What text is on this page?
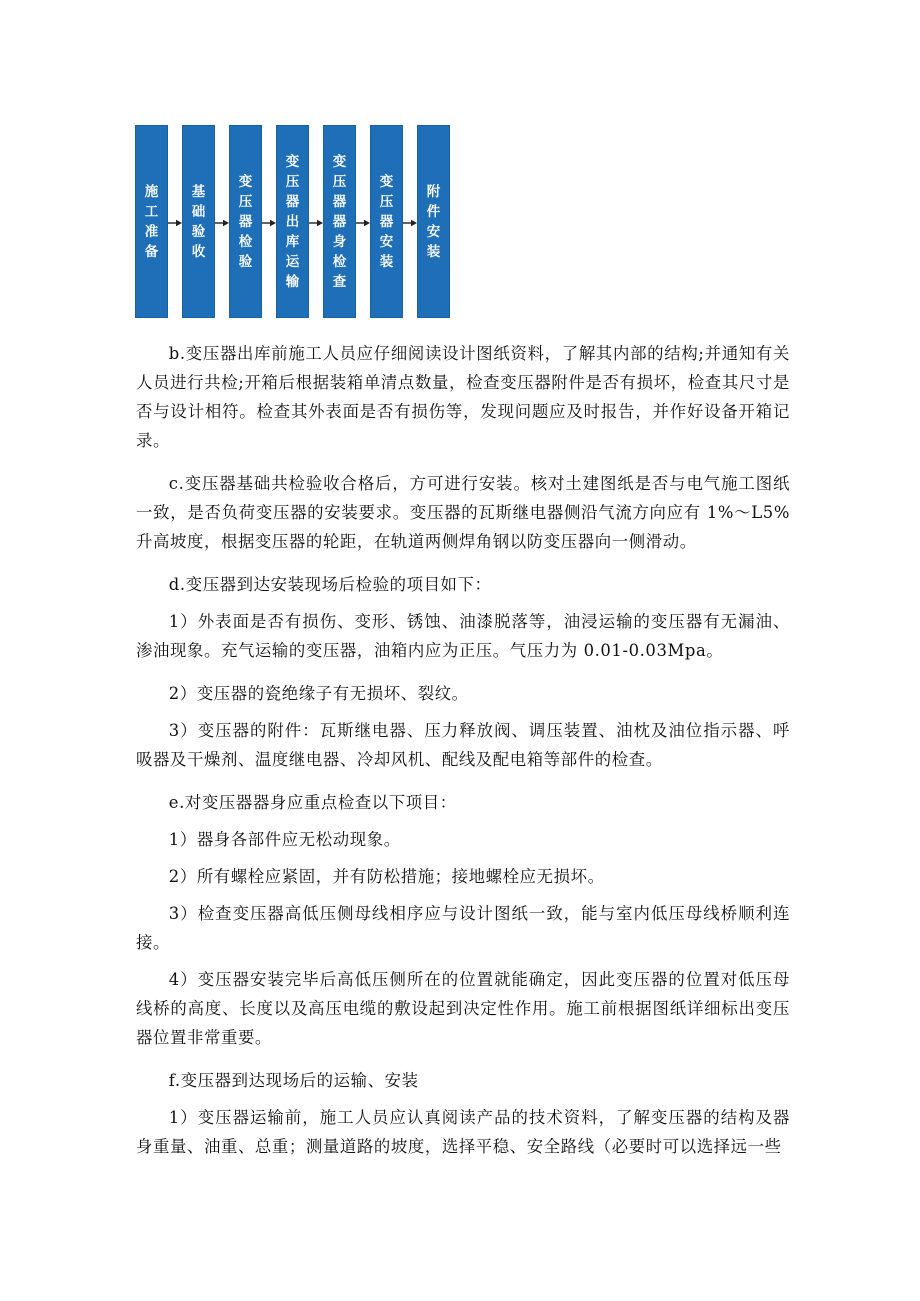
施工准备
基础验收
变压器检验
变压器出库运输
变压器器身检查
变压器安装
附件安装

b.变压器出库前施工人员应仔细阅读设计图纸资料，了解其内部的结构;并通知有关人员进行共检;开箱后根据装箱单清点数量，检查变压器附件是否有损坏，检查其尺寸是否与设计相符。检查其外表面是否有损伤等，发现问题应及时报告，并作好设备开箱记录。

c.变压器基础共检验收合格后，方可进行安装。核对土建图纸是否与电气施工图纸一致，是否负荷变压器的安装要求。变压器的瓦斯继电器侧沿气流方向应有 1%～L5%升高坡度，根据变压器的轮距，在轨道两侧焊角钢以防变压器向一侧滑动。

d.变压器到达安装现场后检验的项目如下：

1）外表面是否有损伤、变形、锈蚀、油漆脱落等，油浸运输的变压器有无漏油、渗油现象。充气运输的变压器，油箱内应为正压。气压力为 0.01-0.03Mpa。

2）变压器的瓷绝缘子有无损坏、裂纹。

3）变压器的附件：瓦斯继电器、压力释放阀、调压装置、油枕及油位指示器、呼吸器及干燥剂、温度继电器、冷却风机、配线及配电箱等部件的检查。

e.对变压器器身应重点检查以下项目：

1）器身各部件应无松动现象。

2）所有螺栓应紧固，并有防松措施；接地螺栓应无损坏。

3）检查变压器高低压侧母线相序应与设计图纸一致，能与室内低压母线桥顺利连接。

4）变压器安装完毕后高低压侧所在的位置就能确定，因此变压器的位置对低压母线桥的高度、长度以及高压电缆的敷设起到决定性作用。施工前根据图纸详细标出变压器位置非常重要。

f.变压器到达现场后的运输、安装

1）变压器运输前，施工人员应认真阅读产品的技术资料，了解变压器的结构及器身重量、油重、总重；测量道路的坡度，选择平稳、安全路线（必要时可以选择远一些
